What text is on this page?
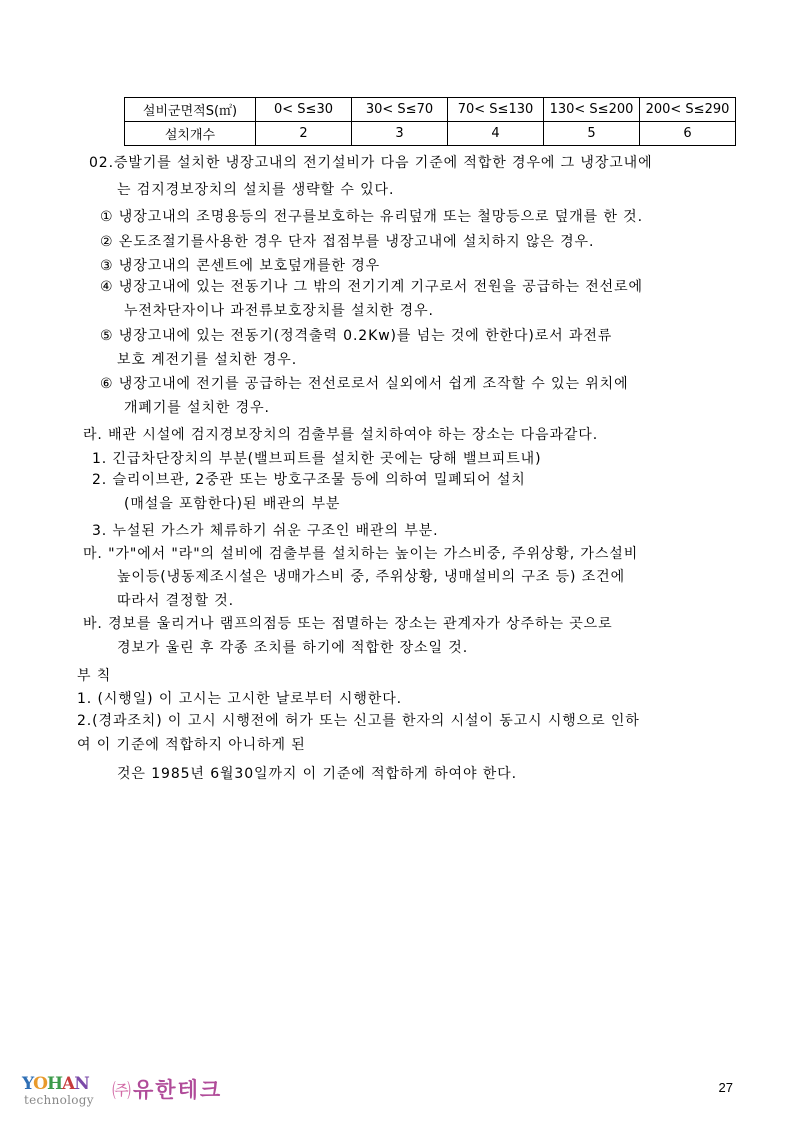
설비군면적S(㎡)	0< S≤30	30< S≤70	70< S≤130	130< S≤200	200< S≤290
설치개수	2	3	4	5	6
02.증발기를 설치한 냉장고내의 전기설비가 다음 기준에 적합한 경우에 그 냉장고내에
는 검지경보장치의 설치를 생략할 수 있다.
① 냉장고내의 조명용등의 전구를보호하는 유리덮개 또는 철망등으로 덮개를 한 것.
② 온도조절기를사용한 경우 단자 접점부를 냉장고내에 설치하지 않은 경우.
③ 냉장고내의 콘센트에 보호덮개를한 경우
④ 냉장고내에 있는 전동기나 그 밖의 전기기계 기구로서 전원을 공급하는 전선로에
누전차단자이나 과전류보호장치를 설치한 경우.
⑤ 냉장고내에 있는 전동기(정격출력 0.2Kw)를 넘는 것에 한한다)로서 과전류
보호 계전기를 설치한 경우.
⑥ 냉장고내에 전기를 공급하는 전선로로서 실외에서 쉽게 조작할 수 있는 위치에
개폐기를 설치한 경우.
라. 배관 시설에 검지경보장치의 검출부를 설치하여야 하는 장소는 다음과같다.
1. 긴급차단장치의 부분(밸브피트를 설치한 곳에는 당해 밸브피트내)
2. 슬리이브관, 2중관 또는 방호구조물 등에 의하여 밀폐되어 설치
(매설을 포함한다)된 배관의 부분
3. 누설된 가스가 체류하기 쉬운 구조인 배관의 부분.
마. "가"에서 "라"의 설비에 검출부를 설치하는 높이는 가스비중, 주위상황, 가스설비
높이등(냉동제조시설은 냉매가스비 중, 주위상황, 냉매설비의 구조 등) 조건에
따라서 결정할 것.
바. 경보를 울리거나 램프의점등 또는 점멸하는 장소는 관계자가 상주하는 곳으로
경보가 울린 후 각종 조치를 하기에 적합한 장소일 것.
부 칙
1. (시행일) 이 고시는 고시한 날로부터 시행한다.
2.(경과조치) 이 고시 시행전에 허가 또는 신고를 한자의 시설이 동고시 시행으로 인하
여 이 기준에 적합하지 아니하게 된
것은 1985년 6월30일까지 이 기준에 적합하게 하여야 한다.
YOHAN
technology ㈜유한테크	27
